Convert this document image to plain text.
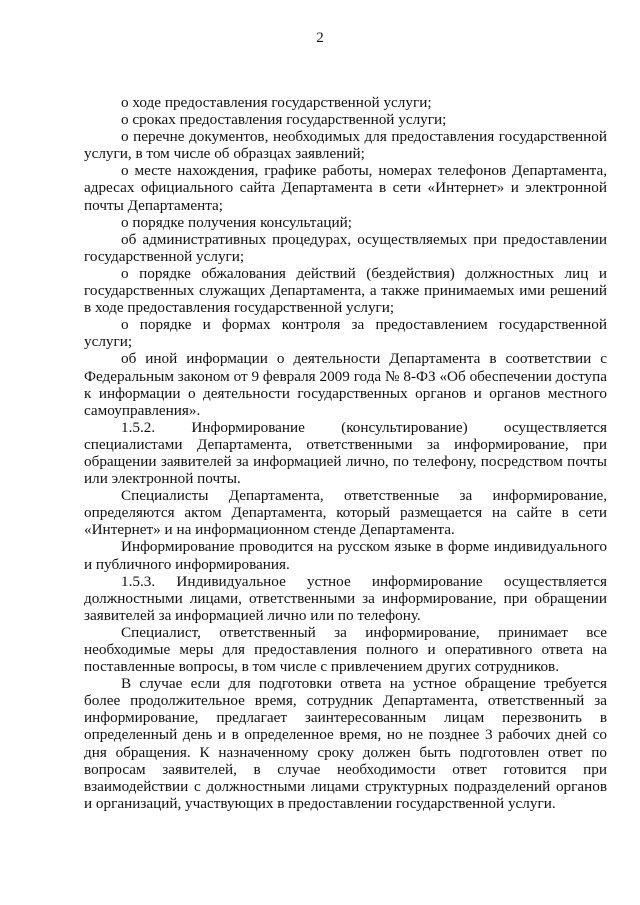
2

о ходе предоставления государственной услуги;

о сроках предоставления государственной услуги;

о перечне документов, необходимых для предоставления государственной услуги, в том числе об образцах заявлений;

о месте нахождения, графике работы, номерах телефонов Департамента, адресах официального сайта Департамента в сети «Интернет» и электронной почты Департамента;

о порядке получения консультаций;

об административных процедурах, осуществляемых при предоставлении государственной услуги;

о порядке обжалования действий (бездействия) должностных лиц и государственных служащих Департамента, а также принимаемых ими решений в ходе предоставления государственной услуги;

о порядке и формах контроля за предоставлением государственной услуги;

об иной информации о деятельности Департамента в соответствии с Федеральным законом от 9 февраля 2009 года № 8-ФЗ «Об обеспечении доступа к информации о деятельности государственных органов и органов местного самоуправления».

1.5.2. Информирование (консультирование) осуществляется специалистами Департамента, ответственными за информирование, при обращении заявителей за информацией лично, по телефону, посредством почты или электронной почты.

Специалисты Департамента, ответственные за информирование, определяются актом Департамента, который размещается на сайте в сети «Интернет» и на информационном стенде Департамента.

Информирование проводится на русском языке в форме индивидуального и публичного информирования.

1.5.3. Индивидуальное устное информирование осуществляется должностными лицами, ответственными за информирование, при обращении заявителей за информацией лично или по телефону.

Специалист, ответственный за информирование, принимает все необходимые меры для предоставления полного и оперативного ответа на поставленные вопросы, в том числе с привлечением других сотрудников.

В случае если для подготовки ответа на устное обращение требуется более продолжительное время, сотрудник Департамента, ответственный за информирование, предлагает заинтересованным лицам перезвонить в определенный день и в определенное время, но не позднее 3 рабочих дней со дня обращения. К назначенному сроку должен быть подготовлен ответ по вопросам заявителей, в случае необходимости ответ готовится при взаимодействии с должностными лицами структурных подразделений органов и организаций, участвующих в предоставлении государственной услуги.
